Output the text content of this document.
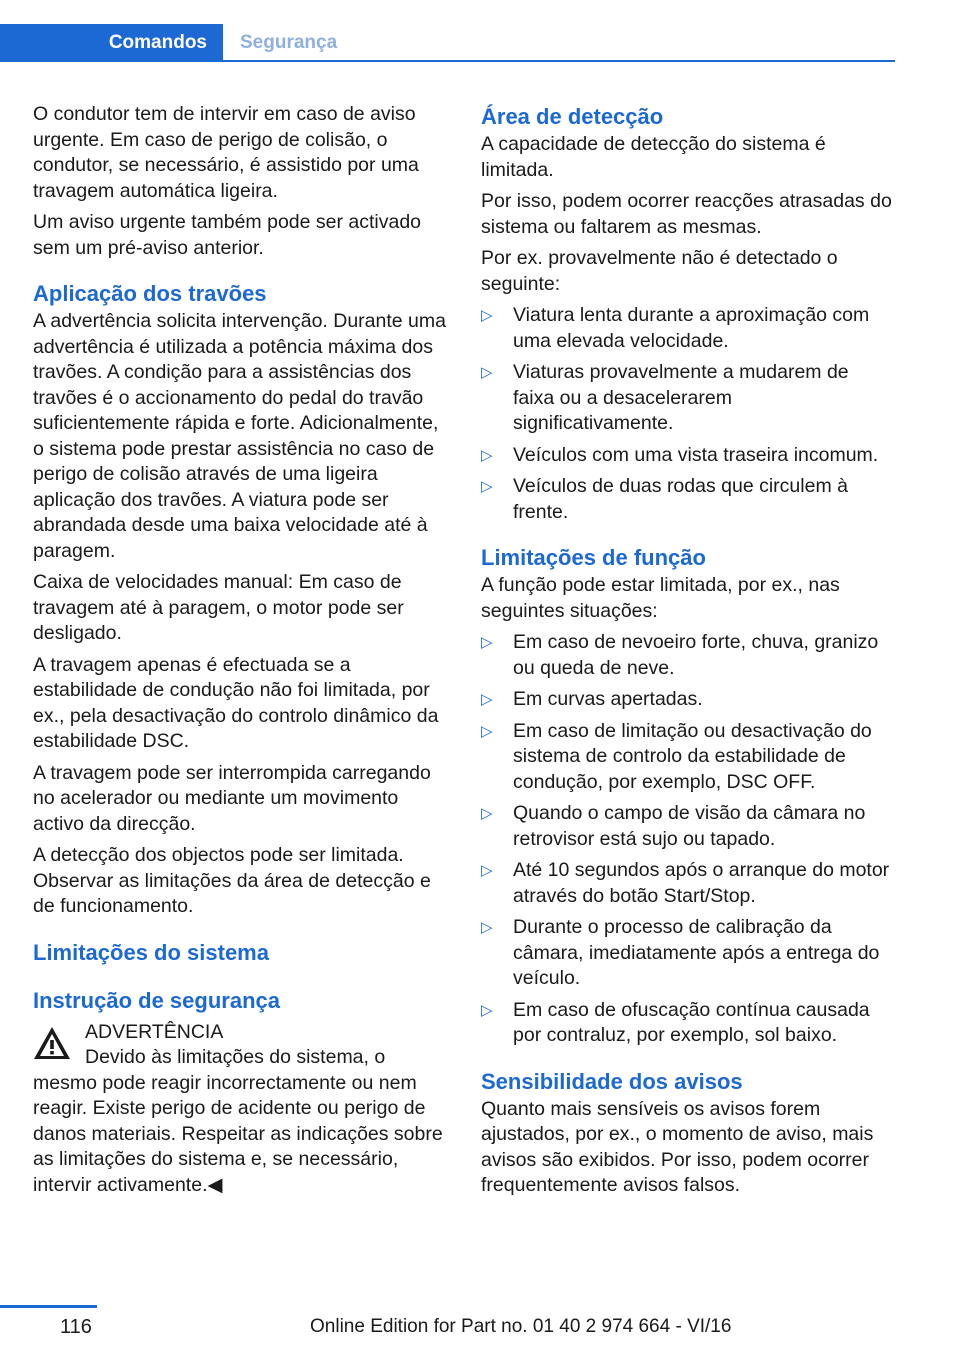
Comandos	Segurança

O condutor tem de intervir em caso de aviso urgente. Em caso de perigo de colisão, o condutor, se necessário, é assistido por uma travagem automática ligeira.

Um aviso urgente também pode ser activado sem um pré-aviso anterior.

Aplicação dos travões

A advertência solicita intervenção. Durante uma advertência é utilizada a potência máxima dos travões. A condição para a assistências dos travões é o accionamento do pedal do travão suficientemente rápida e forte. Adicionalmente, o sistema pode prestar assistência no caso de perigo de colisão através de uma ligeira aplicação dos travões. A viatura pode ser abrandada desde uma baixa velocidade até à paragem.

Caixa de velocidades manual: Em caso de travagem até à paragem, o motor pode ser desligado.

A travagem apenas é efectuada se a estabilidade de condução não foi limitada, por ex., pela desactivação do controlo dinâmico da estabilidade DSC.

A travagem pode ser interrompida carregando no acelerador ou mediante um movimento activo da direcção.

A detecção dos objectos pode ser limitada. Observar as limitações da área de detecção e de funcionamento.

Limitações do sistema
Instrução de segurança
ADVERTÊNCIA
Devido às limitações do sistema, o
mesmo pode reagir incorrectamente ou nem reagir. Existe perigo de acidente ou perigo de danos materiais. Respeitar as indicações sobre as limitações do sistema e, se necessário, intervir activamente.◀
Área de detecção

A capacidade de detecção do sistema é limitada.

Por isso, podem ocorrer reacções atrasadas do sistema ou faltarem as mesmas.

Por ex. provavelmente não é detectado o seguinte:

▷ Viatura lenta durante a aproximação com uma elevada velocidade.
▷ Viaturas provavelmente a mudarem de faixa ou a desacelerarem significativamente.
▷ Veículos com uma vista traseira incomum.
▷ Veículos de duas rodas que circulem à frente.
Limitações de função

A função pode estar limitada, por ex., nas seguintes situações:

▷ Em caso de nevoeiro forte, chuva, granizo ou queda de neve.
▷ Em curvas apertadas.
▷ Em caso de limitação ou desactivação do sistema de controlo da estabilidade de condução, por exemplo, DSC OFF.
▷ Quando o campo de visão da câmara no retrovisor está sujo ou tapado.
▷ Até 10 segundos após o arranque do motor através do botão Start/Stop.
▷ Durante o processo de calibração da câmara, imediatamente após a entrega do veículo.
▷ Em caso de ofuscação contínua causada por contraluz, por exemplo, sol baixo.
Sensibilidade dos avisos

Quanto mais sensíveis os avisos forem ajustados, por ex., o momento de aviso, mais avisos são exibidos. Por isso, podem ocorrer frequentemente avisos falsos.

116	Online Edition for Part no. 01 40 2 974 664 - VI/16
